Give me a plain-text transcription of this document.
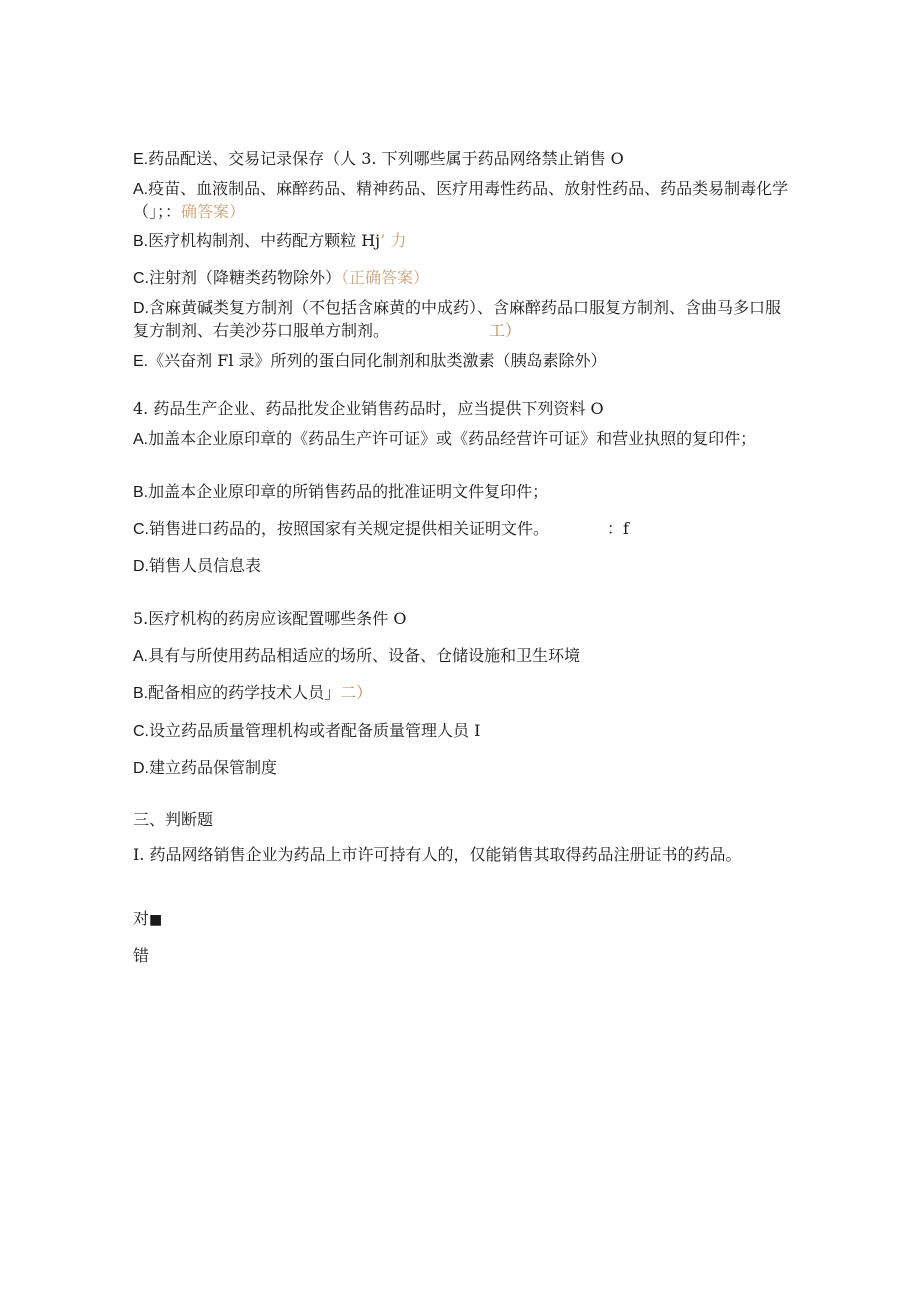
E.药品配送、交易记录保存（人 3. 下列哪些属于药品网络禁止销售 O
A.疫苗、血液制品、麻醉药品、精神药品、医疗用毒性药品、放射性药品、药品类易制毒化学（」；：确答案）
B.医疗机构制剂、中药配方颗粒 Hj’ 力
C.注射剂（降糖类药物除外）（正确答案）
D.含麻黄碱类复方制剂（不包括含麻黄的中成药）、含麻醉药品口服复方制剂、含曲马多口服复方制剂、右美沙芬口服单方制剂。	工）
E.《兴奋剂 Fl 录》所列的蛋白同化制剂和肽类激素（胰岛素除外）
4. 药品生产企业、药品批发企业销售药品时，应当提供下列资料 O
A.加盖本企业原印章的《药品生产许可证》或《药品经营许可证》和营业执照的复印件；
B.加盖本企业原印章的所销售药品的批准证明文件复印件；
C.销售进口药品的，按照国家有关规定提供相关证明文件。	：f
D.销售人员信息表
5.医疗机构的药房应该配置哪些条件 O
A.具有与所使用药品相适应的场所、设备、仓储设施和卫生环境
B.配备相应的药学技术人员」二）
C.设立药品质量管理机构或者配备质量管理人员 I
D.建立药品保管制度
三、判断题
I. 药品网络销售企业为药品上市许可持有人的，仅能销售其取得药品注册证书的药品。
对■
错
